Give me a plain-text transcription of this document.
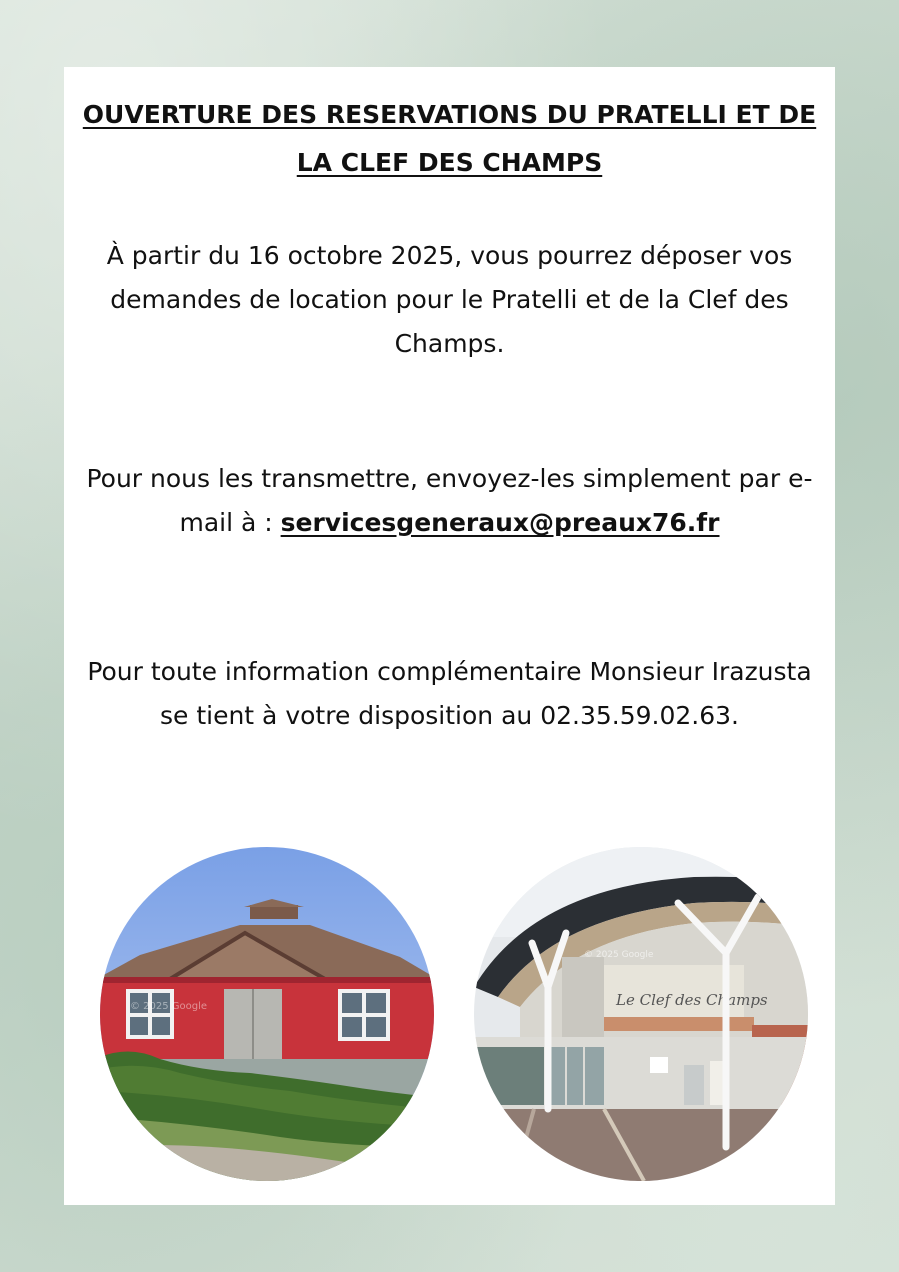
OUVERTURE DES RESERVATIONS DU PRATELLI ET DE
LA CLEF DES CHAMPS
À partir du 16 octobre 2025, vous pourrez déposer vos
demandes de location pour le Pratelli et de la Clef des
Champs.
Pour nous les transmettre, envoyez-les simplement par e-
mail à : servicesgeneraux@preaux76.fr
Pour toute information complémentaire Monsieur Irazusta
se tient à votre disposition au 02.35.59.02.63.
© 2025 Google	Le Clef des Champs
© 2025 Google
